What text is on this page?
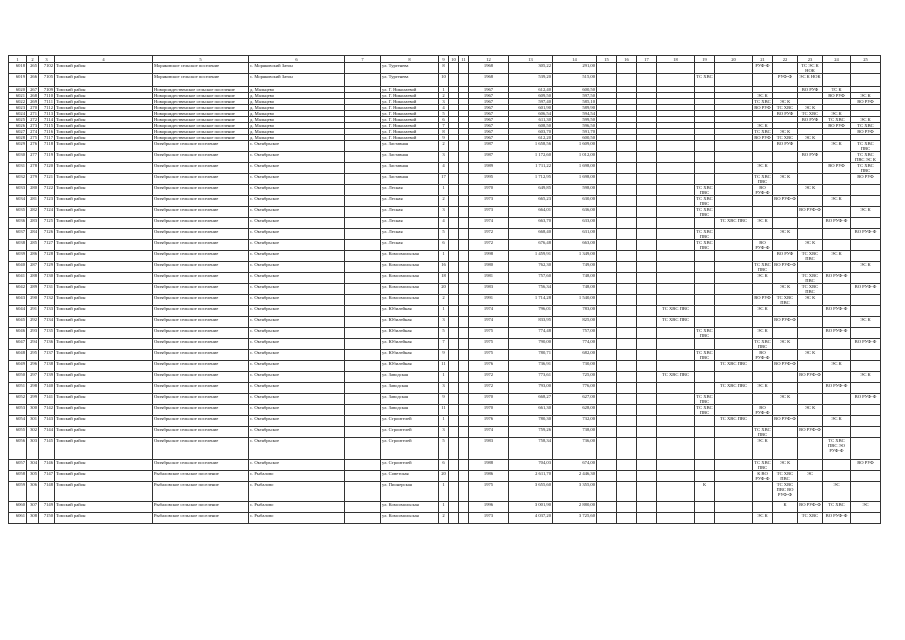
1	2	3	4	5	6	7	8	9	10	11	12	13	14	15	16	17	18	19	20	21	22	23	24	25
6018	265	7102	Томский район	Моряковское сельское поселение	с. Моряковский Затон		ул. Тургенева	8			1968	305,22	291,00							РУФ-Ф		ТС ЭС К НОК		
6019	266	7105	Томский район	Моряковское сельское поселение	с. Моряковский Затон		ул. Тургенева	10			1968	539,20	515,00					ТС ХВС			РУФ-Ф	ЭС К НОК		
6020	267	7109	Томский район	Новорождественское сельское поселение	д. Мальцево		ул. Г. Николаевой	1			1967	612,40	600,50									ВО РУФ	ТС К	
6021	268	7110	Томский район	Новорождественское сельское поселение	д. Мальцево		ул. Г. Николаевой	2			1967	609,50	597,50							ЭС К			ВО РУФ	ЭС К
6022	269	7111	Томский район	Новорождественское сельское поселение	д. Мальцево		ул. Г. Николаевой	3			1967	597,40	585,10							ТС ХВС	ЭС К			ВО РУФ
6023	270	7112	Томский район	Новорождественское сельское поселение	д. Мальцево		ул. Г. Николаевой	4			1967	601,90	589,90							ВО РУФ	ТС ХВС	ЭС К		
6024	271	7113	Томский район	Новорождественское сельское поселение	д. Мальцево		ул. Г. Николаевой	5			1967	606,54	594,54								ВО РУФ	ТС ХВС	ЭС К	
6025	272	7114	Томский район	Новорождественское сельское поселение	д. Мальцево		ул. Г. Николаевой	6			1967	611,30	599,50									ВО РУФ	ТС ХВС	ЭС К
6026	273	7115	Томский район	Новорождественское сельское поселение	д. Мальцево		ул. Г. Николаевой	7			1967	608,50	596,50							ЭС К			ВО РУФ	ТС ХВС
6027	274	7116	Томский район	Новорождественское сельское поселение	д. Мальцево		ул. Г. Николаевой	8			1967	603,70	591,70							ТС ХВС	ЭС К			ВО РУФ
6028	275	7117	Томский район	Новорождественское сельское поселение	д. Мальцево		ул. Г. Николаевой	9			1967	612,20	600,50							ВО РУФ	ТС ХВС	ЭС К		
6029	276	7118	Томский район	Октябрьское сельское поселение	с. Октябрьское		ул. Заставная	2			1987	1 658,56	1 609,00								ВО РУФ		ЭС К	ТС ХВС ПВС
6030	277	7119	Томский район	Октябрьское сельское поселение	с. Октябрьское		ул. Заставная	3			1987	1 172,60	1 012,00									ВО РУФ		ТС ХВС ПВС ЭС К
6031	278	7120	Томский район	Октябрьское сельское поселение	с. Октябрьское		ул. Заставная	4			1989	1 711,22	1 698,00							ЭС К			ВО РУФ	ТС ХВС ПВС
6032	279	7121	Томский район	Октябрьское сельское поселение	с. Октябрьское		ул. Заставная	17			1995	1 712,95	1 698,00							ТС ХВС ПВС	ЭС К			ВО РУФ
6033	280	7122	Томский район	Октябрьское сельское поселение	с. Октябрьское		ул. Лесная	1			1970	649,85	598,00					ТС ХВС ПВС		ВО РУФ-Ф		ЭС К		
6034	281	7123	Томский район	Октябрьское сельское поселение	с. Октябрьское		ул. Лесная	2			1973	665,23	630,00					ТС ХВС ПВС			ВО РУФ-Ф		ЭС К	
6035	282	7124	Томский район	Октябрьское сельское поселение	с. Октябрьское		ул. Лесная	3			1973	664,01	636,00					ТС ХВС ПВС				ВО РУФ-Ф		ЭС К
6036	283	7125	Томский район	Октябрьское сельское поселение	с. Октябрьское		ул. Лесная	4			1974	663,70	633,00						ТС ХВС ПВС	ЭС К			ВО РУФ-Ф	
6037	284	7126	Томский район	Октябрьское сельское поселение	с. Октябрьское		ул. Лесная	5			1972	668,40	631,00					ТС ХВС ПВС			ЭС К			ВО РУФ-Ф
6038	285	7127	Томский район	Октябрьское сельское поселение	с. Октябрьское		ул. Лесная	6			1972	676,48	663,00					ТС ХВС ПВС		ВО РУФ-Ф		ЭС К		
6039	286	7128	Томский район	Октябрьское сельское поселение	с. Октябрьское		ул. Комсомольская	1			1998	1 459,91	1 349,00								ВО РУФ	ТС ХВС ПВС	ЭС К	
6040	287	7129	Томский район	Октябрьское сельское поселение	с. Октябрьское		ул. Комсомольская	16			1980	762,30	749,00							ТС ХВС ПВС	ВО РУФ-Ф			ЭС К
6041	288	7130	Томский район	Октябрьское сельское поселение	с. Октябрьское		ул. Комсомольская	18			1981	757,60	748,00							ЭС К		ТС ХВС ПВС	ВО РУФ-Ф	
6042	289	7131	Томский район	Октябрьское сельское поселение	с. Октябрьское		ул. Комсомольская	20			1983	756,34	748,00								ЭС К	ТС ХВС ПВС		ВО РУФ-Ф
6043	290	7132	Томский район	Октябрьское сельское поселение	с. Октябрьское		ул. Комсомольская	2			1991	1 714,28	1 540,00							ВО РУФ	ТС ХВС ПВС	ЭС К		
6044	291	7133	Томский район	Октябрьское сельское поселение	с. Октябрьское		ул. Юбилейная	1			1974	796,01	783,00				ТС ХВС ПВС			ЭС К			ВО РУФ-Ф	
6045	292	7134	Томский район	Октябрьское сельское поселение	с. Октябрьское		ул. Юбилейная	3			1974	833,95	825,00				ТС ХВС ПВС				ВО РУФ-Ф			ЭС К
6046	293	7135	Томский район	Октябрьское сельское поселение	с. Октябрьское		ул. Юбилейная	5			1975	774,48	757,00					ТС ХВС ПВС		ЭС К			ВО РУФ-Ф	
6047	294	7136	Томский район	Октябрьское сельское поселение	с. Октябрьское		ул. Юбилейная	7			1975	790,00	774,00							ТС ХВС ПВС	ЭС К			ВО РУФ-Ф
6048	295	7137	Томский район	Октябрьское сельское поселение	с. Октябрьское		ул. Юбилейная	9			1975	780,71	682,00					ТС ХВС ПВС		ВО РУФ-Ф		ЭС К		
6049	296	7138	Томский район	Октябрьское сельское поселение	с. Октябрьское		ул. Юбилейная	11			1976	736,91	730,00						ТС ХВС ПВС		ВО РУФ-Ф		ЭС К	
6050	297	7139	Томский район	Октябрьское сельское поселение	с. Октябрьское		ул. Заводская	1			1972	773,61	725,00				ТС ХВС ПВС					ВО РУФ-Ф		ЭС К
6051	298	7140	Томский район	Октябрьское сельское поселение	с. Октябрьское		ул. Заводская	3			1972	793,00	776,00						ТС ХВС ПВС	ЭС К			ВО РУФ-Ф	
6052	299	7141	Томский район	Октябрьское сельское поселение	с. Октябрьское		ул. Заводская	9			1970	668,27	627,00					ТС ХВС ПВС			ЭС К			ВО РУФ-Ф
6053	300	7142	Томский район	Октябрьское сельское поселение	с. Октябрьское		ул. Заводская	11			1970	661,30	628,00					ТС ХВС ПВС		ВО РУФ-Ф		ЭС К		
6054	301	7143	Томский район	Октябрьское сельское поселение	с. Октябрьское		ул. Строителей	1			1976	780,30	732,00						ТС ХВС ПВС		ВО РУФ-Ф		ЭС К	
6055	302	7144	Томский район	Октябрьское сельское поселение	с. Октябрьское		ул. Строителей	3			1974	759,26	738,00							ТС ХВС ПВС		ВО РУФ-Ф		
6056	303	7145	Томский район	Октябрьское сельское поселение	с. Октябрьское		ул. Строителей	5			1983	758,34	736,00							ЭС К			ТС ХВС ПВС ЭО РУФ-Ф	
6057	304	7146	Томский район	Октябрьское сельское поселение	с. Октябрьское		ул. Строителей	6			1988	704,03	674,00							ТС ХВС ПВС	ЭС К			ВО РУФ
6058	305	7147	Томский район	Рыбаловское сельское поселение	с. Рыбалово		ул. Советская	20			1986	2 611,70	2 446,30							К ВО РУФ-Ф	ТС ХВС ПВС	ЭС		
6059	306	7148	Томский район	Рыбаловское сельское поселение	с. Рыбалово		ул. Пионерская	1			1975	3 655,60	3 355,00					К			ТС ХВС ПВС ВО РУФ-Ф		ЭС	
6060	307	7149	Томский район	Рыбаловское сельское поселение	с. Рыбалово		ул. Комсомольская	1			1996	3 001,90	2 880,00								К	ВО РУФ-Ф	ТС ХВС	ЭС
6061	308	7150	Томский район	Рыбаловское сельское поселение	с. Рыбалово		ул. Комсомольская	2			1973	4 037,20	3 725,60							ЭС К		ТС ХВС	ВО РУФ-Ф	
